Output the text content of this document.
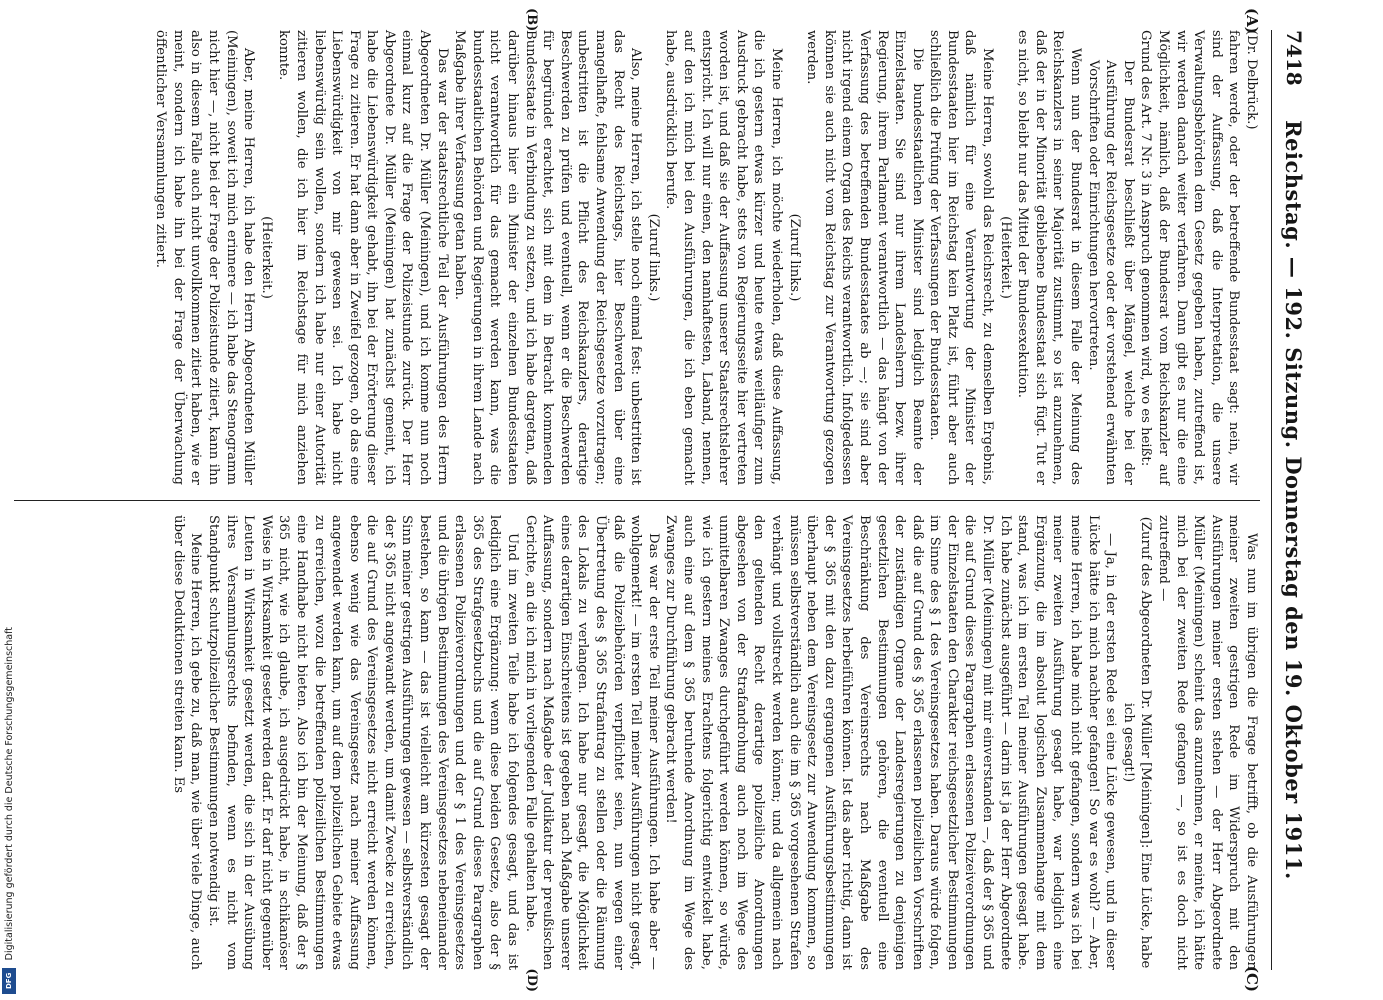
Digitalisierung gefördert durch die Deutsche Forschungsgemeinschaft
DFG
7418
Reichstag. — 192. Sitzung. Donnerstag den 19. Oktober 1911.
(A)
(B)

(Dr. Delbrück.)

fahren werde, oder der betreffende Bundesstaat sagt: nein, wir sind der Auffassung, daß die Interpretation, die unsere Verwaltungsbehörden dem Gesetz gegeben haben, zutreffend ist, wir werden danach weiter verfahren. Dann gibt es nur die eine Möglichkeit, nämlich, daß der Bundesrat vom Reichskanzler auf Grund des Art. 7 Nr. 3 in Anspruch genommen wird, wo es heißt:

Der Bundesrat beschließt über Mängel, welche bei der Ausführung der Reichsgesetze oder der vorstehend erwähnten Vorschriften oder Einrichtungen hervortreten.

Wenn nun der Bundesrat in diesem Falle der Meinung des Reichskanzlers in seiner Majorität zustimmt, so ist anzunehmen, daß der in der Minorität gebliebene Bundesstaat sich fügt. Tut er es nicht, so bleibt nur das Mittel der Bundesexekution.

(Heiterkeit.)

Meine Herren, sowohl das Reichsrecht, zu demselben Ergebnis, daß nämlich für eine Verantwortung der Minister der Bundesstaaten hier im Reichstag kein Platz ist, führt aber auch schließlich die Prüfung der Verfassungen der Bundesstaaten.

Die bundesstaatlichen Minister sind lediglich Beamte der Einzelstaaten. Sie sind nur ihrem Landesherrn bezw. ihrer Regierung, ihrem Parlament verantwortlich — das hängt von der Verfassung des betreffenden Bundesstaates ab —; sie sind aber nicht irgend einem Organ des Reichs verantwortlich. Infolgedessen können sie auch nicht vom Reichstag zur Verantwortung gezogen werden.

(Zuruf links.)

Meine Herren, ich möchte wiederholen, daß diese Auffassung, die ich gestern etwas kürzer und heute etwas weitläufiger zum Ausdruck gebracht habe, stets von Regierungsseite hier vertreten worden ist, und daß sie der Auffassung unserer Staatsrechtslehrer entspricht. Ich will nur einen, den namhaftesten, Laband, nennen, auf den ich mich bei den Ausführungen, die ich eben gemacht habe, ausdrücklich berufe.

(Zuruf links.)

Also, meine Herren, ich stelle noch einmal fest: unbestritten ist das Recht des Reichstags, hier Beschwerden über eine mangelhafte, fehlsame Anwendung der Reichsgesetze vorzutragen; unbestritten ist die Pflicht des Reichskanzlers, derartige Beschwerden zu prüfen und eventuell, wenn er die Beschwerden für begründet erachtet, sich mit dem in Betracht kommenden Bundesstaate in Verbindung zu setzen, und ich habe dargetan, daß darüber hinaus hier ein Minister der einzelnen Bundesstaaten nicht verantwortlich für das gemacht werden kann, was die bundesstaatlichen Behörden und Regierungen in ihrem Lande nach Maßgabe ihrer Verfassung getan haben.

Das war der staatsrechtliche Teil der Ausführungen des Herrn Abgeordneten Dr. Müller (Meiningen), und ich komme nun noch einmal kurz auf die Frage der Polizeistunde zurück. Der Herr Abgeordnete Dr. Müller (Meiningen) hat zunächst gemeint, ich habe die Liebenswürdigkeit gehabt, ihn bei der Erörterung dieser Frage zu zitieren. Er hat dann aber in Zweifel gezogen, ob das eine Liebenswürdigkeit von mir gewesen sei. Ich habe nicht liebenswürdig sein wollen, sondern ich habe nur einer Autorität zitieren wollen, die ich hier im Reichstage für mich anziehen konnte.

(Heiterkeit.)

Aber, meine Herren, ich habe den Herrn Abgeordneten Müller (Meiningen), soweit ich mich erinnere — ich habe das Stenogramm nicht hier —, nicht bei der Frage der Polizeistunde zitiert, kann ihn also in diesem Falle auch nicht unvollkommen zitiert haben, wie er meint, sondern ich habe ihn bei der Frage der Überwachung öffentlicher Versammlungen zitiert.

(C)
(D)

Was nun im übrigen die Frage betrifft, ob die Ausführungen meiner zweiten gestrigen Rede im Widerspruch mit den Ausführungen meiner ersten stehen — der Herr Abgeordnete Müller (Meiningen) scheint das anzunehmen, er meinte, ich hätte mich bei der zweiten Rede gefangen —, so ist es doch nicht zutreffend —

(Zuruf des Abgeordneten Dr. Müller [Meiningen]: Eine Lücke, habe ich gesagt!)

— Ja, in der ersten Rede sei eine Lücke gewesen, und in dieser Lücke hätte ich mich nachher gefangen! So war es wohl? — Aber, meine Herren, ich habe mich nicht gefangen, sondern was ich bei meiner zweiten Ausführung gesagt habe, war lediglich eine Ergänzung, die im absolut logischen Zusammenhange mit dem stand, was ich im ersten Teil meiner Ausführungen gesagt habe. Ich habe zunächst ausgeführt — darin ist ja der Herr Abgeordnete Dr. Müller (Meiningen) mit mir einverstanden —, daß der § 365 und die auf Grund dieses Paragraphen erlassenen Polizeiverordnungen der Einzelstaaten den Charakter reichsgesetzlicher Bestimmungen im Sinne des § 1 des Vereinsgesetzes haben. Daraus würde folgen, daß die auf Grund des § 365 erlassenen polizeilichen Vorschriften der zuständigen Organe der Landesregierungen zu denjenigen gesetzlichen Bestimmungen gehören, die eventuell eine Beschränkung des Vereinsrechts nach Maßgabe des Vereinsgesetzes herbeiführen können. Ist das aber richtig, dann ist der § 365 mit den dazu ergangenen Ausführungsbestimmungen überhaupt neben dem Vereinsgesetz zur Anwendung kommen, so müssen selbstverständlich auch die im § 365 vorgesehenen Strafen verhängt und vollstreckt werden können; und da allgemein nach den geltenden Recht derartige polizeiliche Anordnungen abgesehen von der Strafandrohung auch noch im Wege des unmittelbaren Zwanges durchgeführt werden können, so würde, wie ich gestern meines Erachtens folgerichtig entwickelt habe, auch eine auf dem § 365 beruhende Anordnung im Wege des Zwanges zur Durchführung gebracht werden!

Das war der erste Teil meiner Ausführungen. Ich habe aber — wohlgemerkt! — im ersten Teil meiner Ausführungen nicht gesagt, daß die Polizeibehörden verpflichtet seien, nun wegen einer Übertretung des § 365 Strafantrag zu stellen oder die Räumung des Lokals zu verlangen. Ich habe nur gesagt, die Möglichkeit eines derartigen Einschreitens ist gegeben nach Maßgabe unserer Auffassung, sondern nach Maßgabe der Judikatur der preußischen Gerichte, an die ich mich in vorliegenden Falle gehalten habe.

Und im zweiten Teile habe ich folgendes gesagt, und das ist lediglich eine Ergänzung: wenn diese beiden Gesetze, also der § 365 des Strafgesetzbuchs und die auf Grund dieses Paragraphen erlassenen Polizeiverordnungen und der § 1 des Vereinsgesetzes und die übrigen Bestimmungen des Vereinsgesetzes nebeneinander bestehen, so kann — das ist vielleicht am kürzesten gesagt der Sinn meiner gestrigen Ausführungen gewesen — selbstverständlich der § 365 nicht angewandt werden, um damit Zwecke zu erreichen, die auf Grund des Vereinsgesetzes nicht erreicht werden können, ebenso wenig wie das Vereinsgesetz nach meiner Auffassung angewendet werden kann, um auf dem polizeilichen Gebiete etwas zu erreichen, wozu die betreffenden polizeilichen Bestimmungen eine Handhabe nicht bieten. Also ich bin der Meinung, daß der § 365 nicht, wie ich glaube, ich ausgedrückt habe, in schikanöser Weise in Wirksamkeit gesetzt werden darf. Er darf nicht gegenüber Leuten in Wirksamkeit gesetzt werden, die sich in der Ausübung ihres Versammlungsrechts befinden, wenn es nicht vom Standpunkt schutzpolizeilicher Bestimmungen notwendig ist.

Meine Herren, ich gebe zu, daß man, wie über viele Dinge, auch über diese Deduktionen streiten kann. Es
